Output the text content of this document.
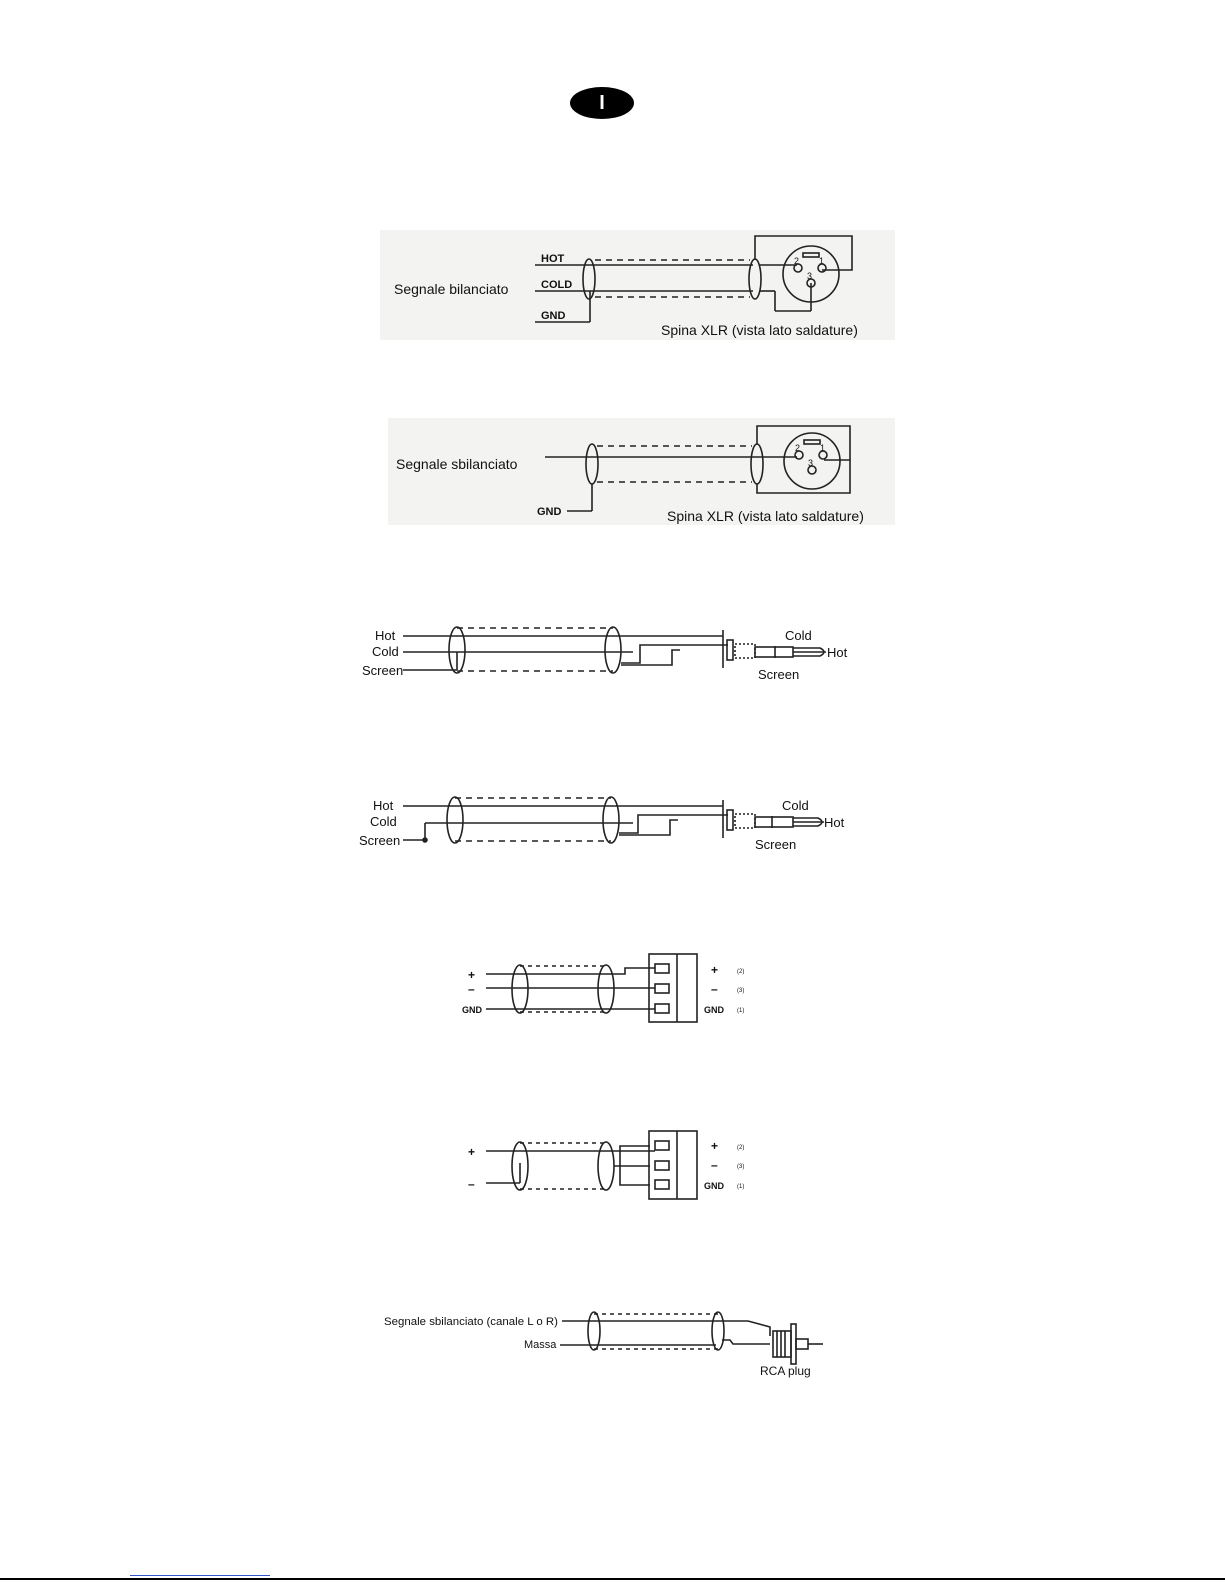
I
Segnale bilanciato
HOT
COLD
GND
Spina XLR (vista lato saldature)
2 1
3
Segnale sbilanciato
GND	Spina XLR (vista lato saldature)
2 1
3
Hot
Cold
Screen
Cold
Hot
Screen
Hot
Cold
Screen
Cold
Hot
Screen
+
–
GND
+
–
GND
(2)
(3)
(1)
+
–
+
–
GND
(2)
(3)
(1)
Segnale sbilanciato (canale L o R)
Massa
RCA plug
